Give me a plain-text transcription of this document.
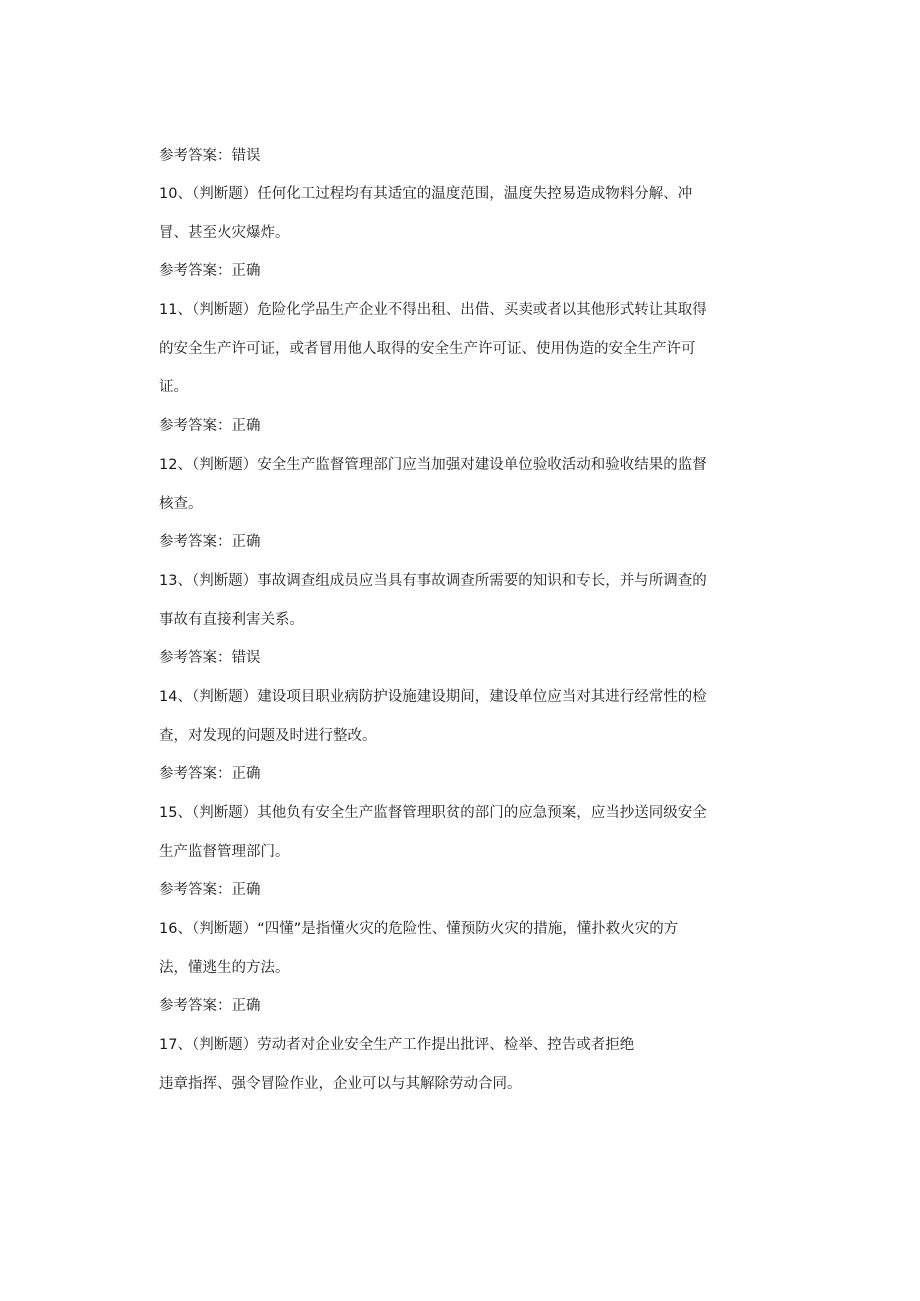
参考答案：错误
10、（判断题）任何化工过程均有其适宜的温度范围，温度失控易造成物料分解、冲
冒、甚至火灾爆炸。
参考答案：正确
11、（判断题）危险化学品生产企业不得出租、出借、买卖或者以其他形式转让其取得
的安全生产许可证，或者冒用他人取得的安全生产许可证、使用伪造的安全生产许可
证。
参考答案：正确
12、（判断题）安全生产监督管理部门应当加强对建设单位验收活动和验收结果的监督
核查。
参考答案：正确
13、（判断题）事故调查组成员应当具有事故调查所需要的知识和专长，并与所调查的
事故有直接利害关系。
参考答案：错误
14、（判断题）建设项目职业病防护设施建设期间，建设单位应当对其进行经常性的检
查，对发现的问题及时进行整改。
参考答案：正确
15、（判断题）其他负有安全生产监督管理职贫的部门的应急预案，应当抄送同级安全
生产监督管理部门。
参考答案：正确
16、（判断题）“四懂”是指懂火灾的危险性、懂预防火灾的措施，懂扑救火灾的方
法，懂逃生的方法。
参考答案：正确
17、（判断题）劳动者对企业安全生产工作提出批评、检举、控告或者拒绝
违章指挥、强令冒险作业，企业可以与其解除劳动合同。
